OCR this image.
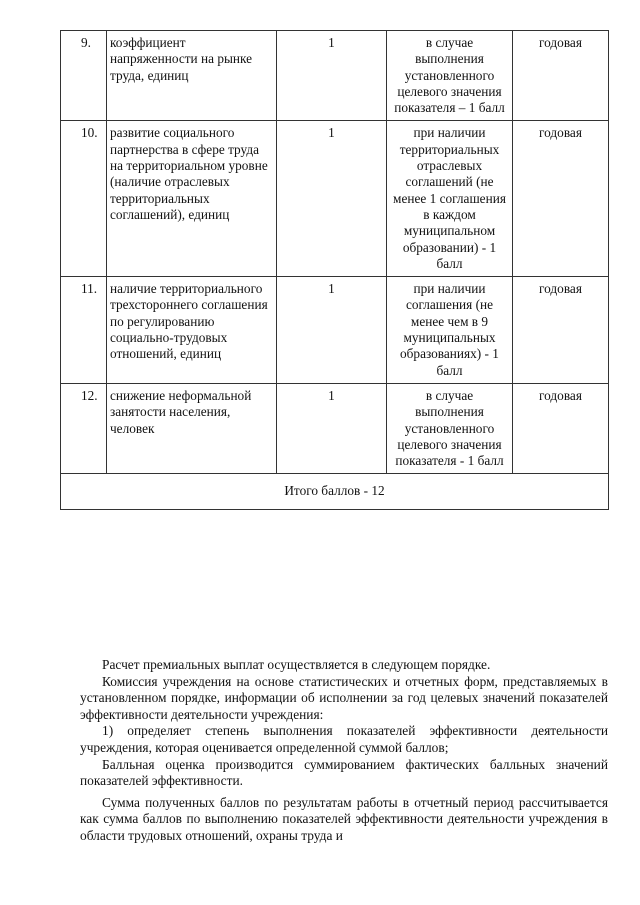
9.	коэффициент напряженности на рынке труда, единиц	1	в случае выполнения установленного целевого значения показателя – 1 балл	годовая
10.	развитие социального партнерства в сфере труда на территориальном уровне (наличие отраслевых территориальных соглашений), единиц	1	при наличии территориальных отраслевых соглашений (не менее 1 соглашения в каждом муниципальном образовании) - 1 балл	годовая
11.	наличие территориального трехстороннего соглашения по регулированию социально-трудовых отношений, единиц	1	при наличии соглашения (не менее чем в 9 муниципальных образованиях) - 1 балл	годовая
12.	снижение неформальной занятости населения, человек	1	в случае выполнения установленного целевого значения показателя - 1 балл	годовая
Итого баллов - 12				

Расчет премиальных выплат осуществляется в следующем порядке.

Комиссия учреждения на основе статистических и отчетных форм, представляемых в установленном порядке, информации об исполнении за год целевых значений показателей эффективности деятельности учреждения:

1) определяет степень выполнения показателей эффективности деятельности учреждения, которая оценивается определенной суммой баллов;

Балльная оценка производится суммированием фактических балльных значений показателей эффективности.

Сумма полученных баллов по результатам работы в отчетный период рассчитывается как сумма баллов по выполнению показателей эффективности деятельности учреждения в области трудовых отношений, охраны труда и
